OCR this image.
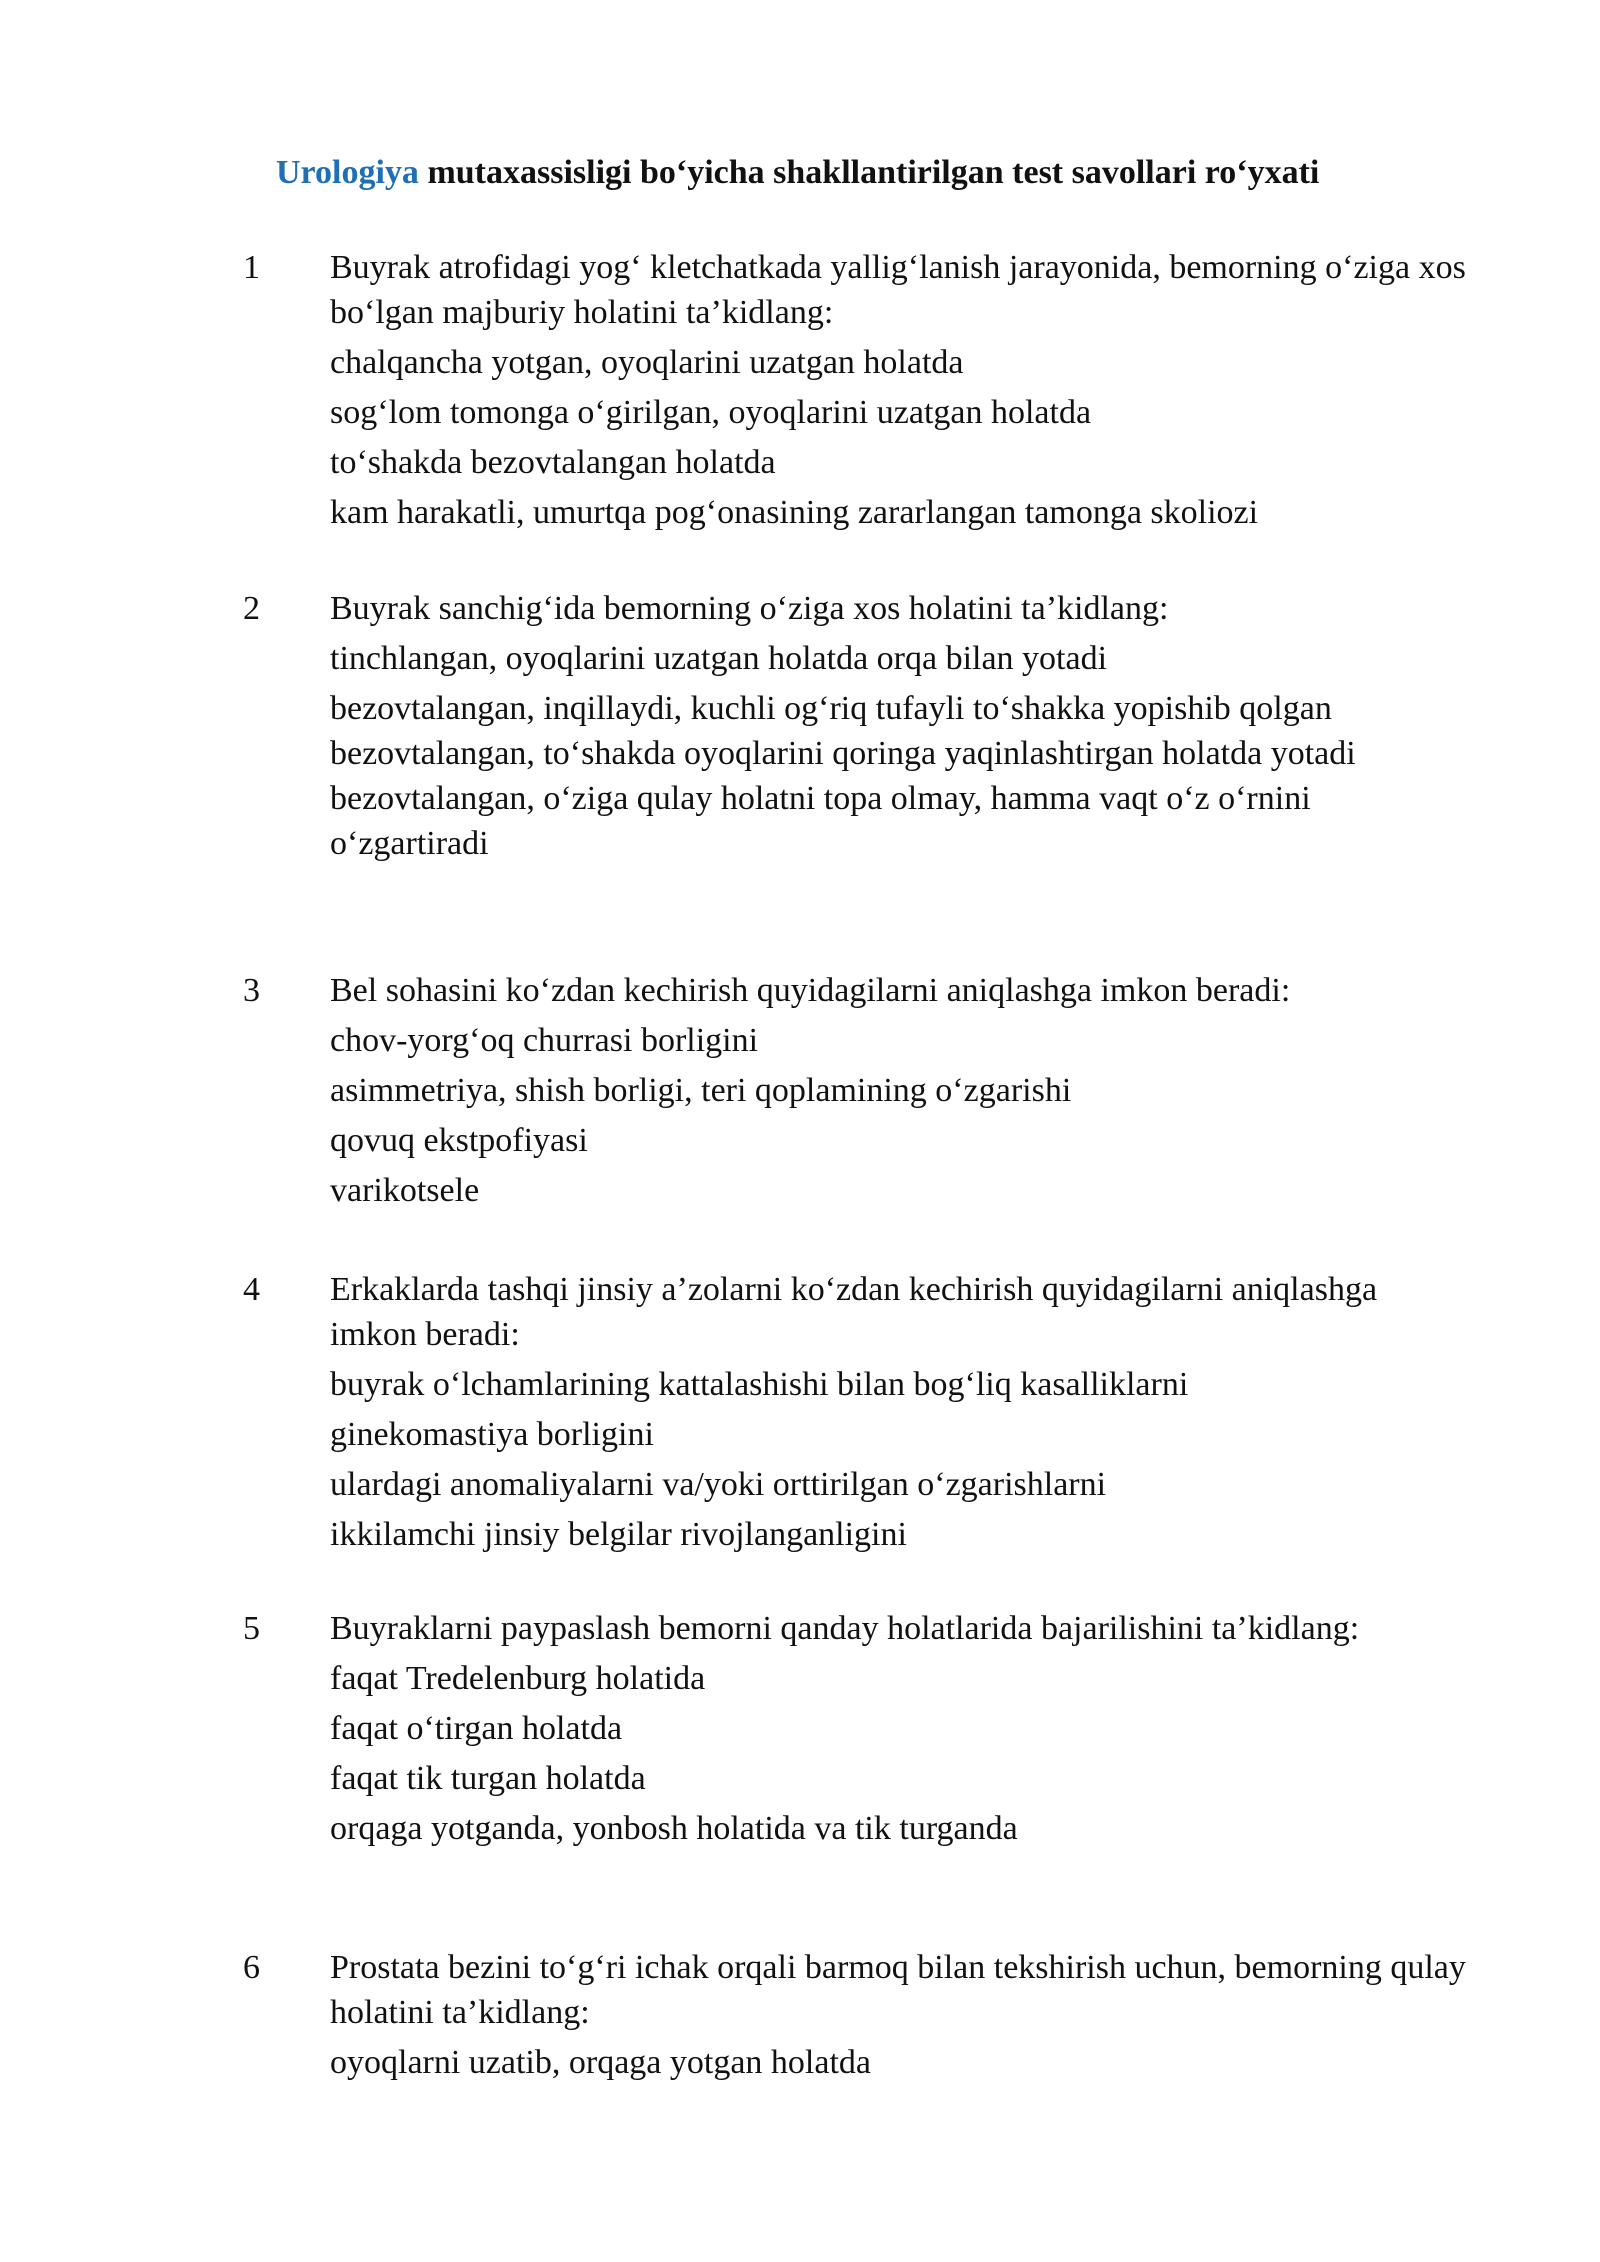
Urologiya mutaxassisligi bo‘yicha shakllantirilgan test savollari ro‘yxati
1 Buyrak atrofidagi yog‘ kletchatkada yallig‘lanish jarayonida, bemorning o‘ziga xos bo‘lgan majburiy holatini ta’kidlang:
chalqancha yotgan, oyoqlarini uzatgan holatda
sog‘lom tomonga o‘girilgan, oyoqlarini uzatgan holatda
to‘shakda bezovtalangan holatda
kam harakatli, umurtqa pog‘onasining zararlangan tamonga skoliozi
2 Buyrak sanchig‘ida bemorning o‘ziga xos holatini ta’kidlang:
tinchlangan, oyoqlarini uzatgan holatda orqa bilan yotadi
bezovtalangan, inqillaydi, kuchli og‘riq tufayli to‘shakka yopishib qolgan
bezovtalangan, to‘shakda oyoqlarini qoringa yaqinlashtirgan holatda yotadi
bezovtalangan, o‘ziga qulay holatni topa olmay, hamma vaqt o‘z o‘rnini o‘zgartiradi
3 Bel sohasini ko‘zdan kechirish quyidagilarni aniqlashga imkon beradi:
chov-yorg‘oq churrasi borligini
asimmetriya, shish borligi, teri qoplamining o‘zgarishi
qovuq ekstpofiyasi
varikotsele
4 Erkaklarda tashqi jinsiy a’zolarni ko‘zdan kechirish quyidagilarni aniqlashga imkon beradi:
buyrak o‘lchamlarining kattalashishi bilan bog‘liq kasalliklarni
ginekomastiya borligini
ulardagi anomaliyalarni va/yoki orttirilgan o‘zgarishlarni
ikkilamchi jinsiy belgilar rivojlanganligini
5 Buyraklarni paypaslash bemorni qanday holatlarida bajarilishini ta’kidlang:
faqat Tredelenburg holatida
faqat o‘tirgan holatda
faqat tik turgan holatda
orqaga yotganda, yonbosh holatida va tik turganda
6 Prostata bezini to‘g‘ri ichak orqali barmoq bilan tekshirish uchun, bemorning qulay holatini ta’kidlang:
oyoqlarni uzatib, orqaga yotgan holatda
